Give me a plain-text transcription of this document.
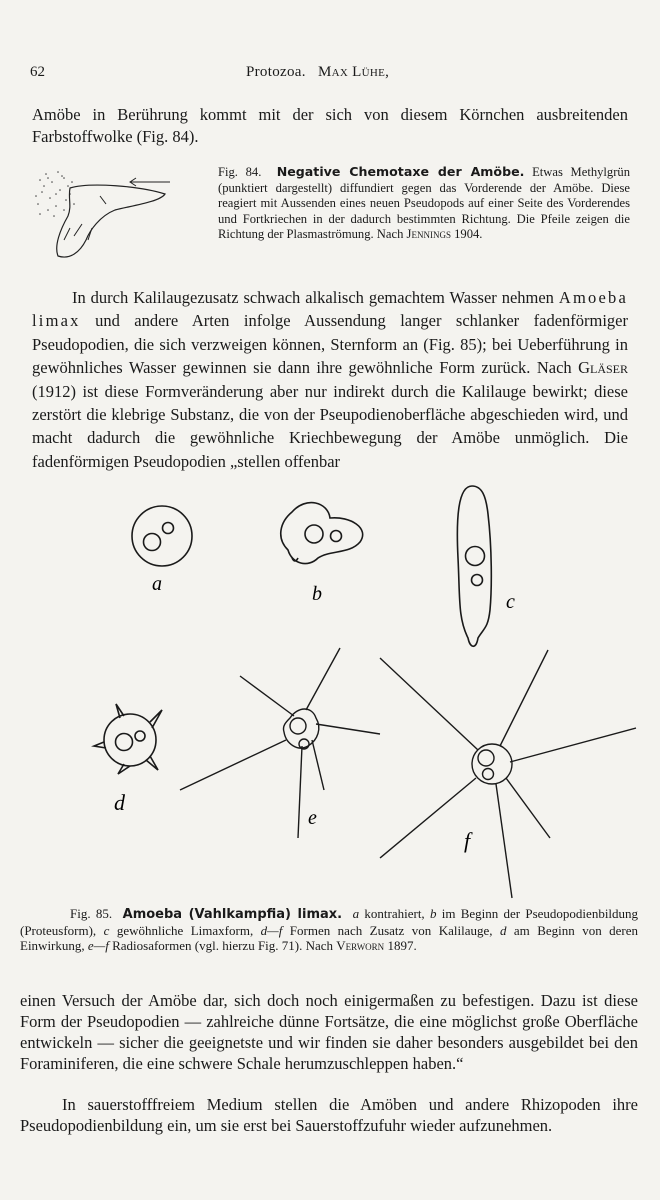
62	Protozoa. Max Lühe,

Amöbe in Berührung kommt mit der sich von diesem Körnchen ausbreitenden Farbstoffwolke (Fig. 84).

Fig. 84. Negative Chemotaxe der Amöbe. Etwas Methylgrün (punktiert dargestellt) diffundiert gegen das Vorderende der Amöbe. Diese reagiert mit Aussenden eines neuen Pseudopods auf einer Seite des Vorderendes und Fortkriechen in der dadurch bestimmten Richtung. Die Pfeile zeigen die Richtung der Plasmaströmung. Nach Jennings 1904.

In durch Kalilaugezusatz schwach alkalisch gemachtem Wasser nehmen Amoeba limax und andere Arten infolge Aussendung langer schlanker fadenförmiger Pseudopodien, die sich verzweigen können, Sternform an (Fig. 85); bei Ueberführung in gewöhnliches Wasser gewinnen sie dann ihre gewöhnliche Form zurück. Nach Gläser (1912) ist diese Formveränderung aber nur indirekt durch die Kalilauge bewirkt; diese zerstört die klebrige Substanz, die von der Pseupodienoberfläche abgeschieden wird, und macht dadurch die gewöhnliche Kriechbewegung der Amöbe unmöglich. Die fadenförmigen Pseudopodien „stellen offenbar

a	b	c
d
e
f

Fig. 85. Amoeba (Vahlkampfia) limax. a kontrahiert, b im Beginn der Pseudopodienbildung (Proteusform), c gewöhnliche Limaxform, d—f Formen nach Zusatz von Kalilauge, d am Beginn von deren Einwirkung, e—f Radiosaformen (vgl. hierzu Fig. 71). Nach Verworn 1897.

einen Versuch der Amöbe dar, sich doch noch einigermaßen zu befestigen. Dazu ist diese Form der Pseudopodien — zahlreiche dünne Fortsätze, die eine möglichst große Oberfläche entwickeln — sicher die geeignetste und wir finden sie daher besonders ausgebildet bei den Foraminiferen, die eine schwere Schale herumzuschleppen haben.“

In sauerstofffreiem Medium stellen die Amöben und andere Rhizopoden ihre Pseudopodienbildung ein, um sie erst bei Sauerstoffzufuhr wieder aufzunehmen.
